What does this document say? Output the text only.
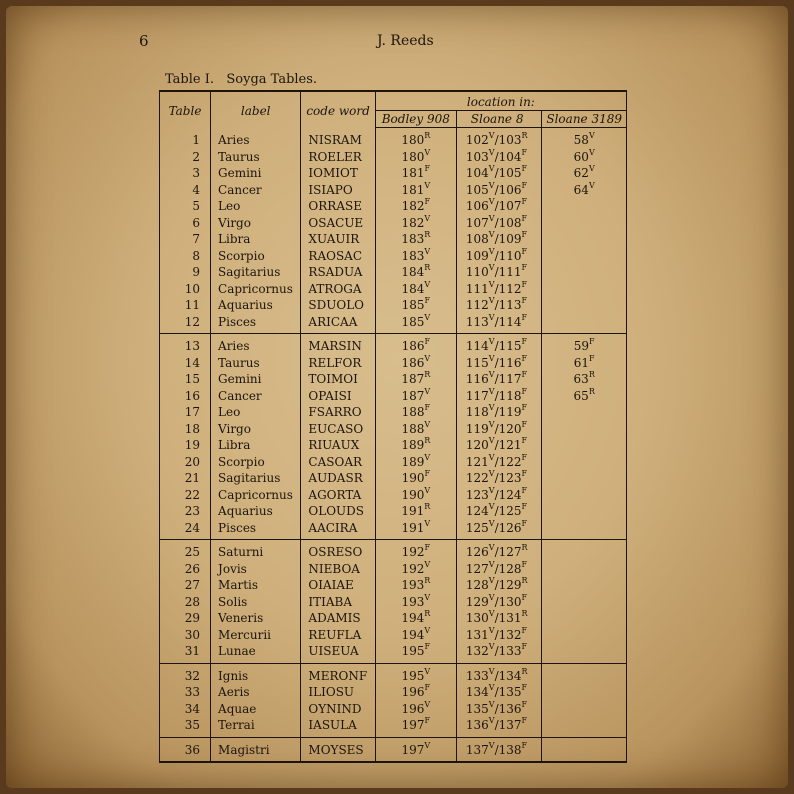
6	J. Reeds
Table I.   Soyga Tables.
Table	label	code word	location in:		
			Bodley 908	Sloane 8	Sloane 3189
1	Aries	NISRAM	$180^R$	$102^V/103^R$	$58^V$
2	Taurus	ROELER	$180^V$	$103^V/104^F$	$60^V$
3	Gemini	IOMIOT	$181^F$	$104^V/105^F$	$62^V$
4	Cancer	ISIAPO	$181^V$	$105^V/106^F$	$64^V$
5	Leo	ORRASE	$182^F$	$106^V/107^F$	
6	Virgo	OSACUE	$182^V$	$107^V/108^F$	
7	Libra	XUAUIR	$183^R$	$108^V/109^F$	
8	Scorpio	RAOSAC	$183^V$	$109^V/110^F$	
9	Sagitarius	RSADUA	$184^R$	$110^V/111^F$	
10	Capricornus	ATROGA	$184^V$	$111^V/112^F$	
11	Aquarius	SDUOLO	$185^F$	$112^V/113^F$	
12	Pisces	ARICAA	$185^V$	$113^V/114^F$	
13	Aries	MARSIN	$186^F$	$114^V/115^F$	$59^F$
14	Taurus	RELFOR	$186^V$	$115^V/116^F$	$61^F$
15	Gemini	TOIMOI	$187^R$	$116^V/117^F$	$63^R$
16	Cancer	OPAISI	$187^V$	$117^V/118^F$	$65^R$
17	Leo	FSARRO	$188^F$	$118^V/119^F$	
18	Virgo	EUCASO	$188^V$	$119^V/120^F$	
19	Libra	RIUAUX	$189^R$	$120^V/121^F$	
20	Scorpio	CASOAR	$189^V$	$121^V/122^F$	
21	Sagitarius	AUDASR	$190^F$	$122^V/123^F$	
22	Capricornus	AGORTA	$190^V$	$123^V/124^F$	
23	Aquarius	OLOUDS	$191^R$	$124^V/125^F$	
24	Pisces	AACIRA	$191^V$	$125^V/126^F$	
25	Saturni	OSRESO	$192^F$	$126^V/127^R$	
26	Jovis	NIEBOA	$192^V$	$127^V/128^F$	
27	Martis	OIAIAE	$193^R$	$128^V/129^R$	
28	Solis	ITIABA	$193^V$	$129^V/130^F$	
29	Veneris	ADAMIS	$194^R$	$130^V/131^R$	
30	Mercurii	REUFLA	$194^V$	$131^V/132^F$	
31	Lunae	UISEUA	$195^F$	$132^V/133^F$	
32	Ignis	MERONF	$195^V$	$133^V/134^R$	
33	Aeris	ILIOSU	$196^F$	$134^V/135^F$	
34	Aquae	OYNIND	$196^V$	$135^V/136^F$	
35	Terrai	IASULA	$197^F$	$136^V/137^F$	
36	Magistri	MOYSES	$197^V$	$137^V/138^F$	
